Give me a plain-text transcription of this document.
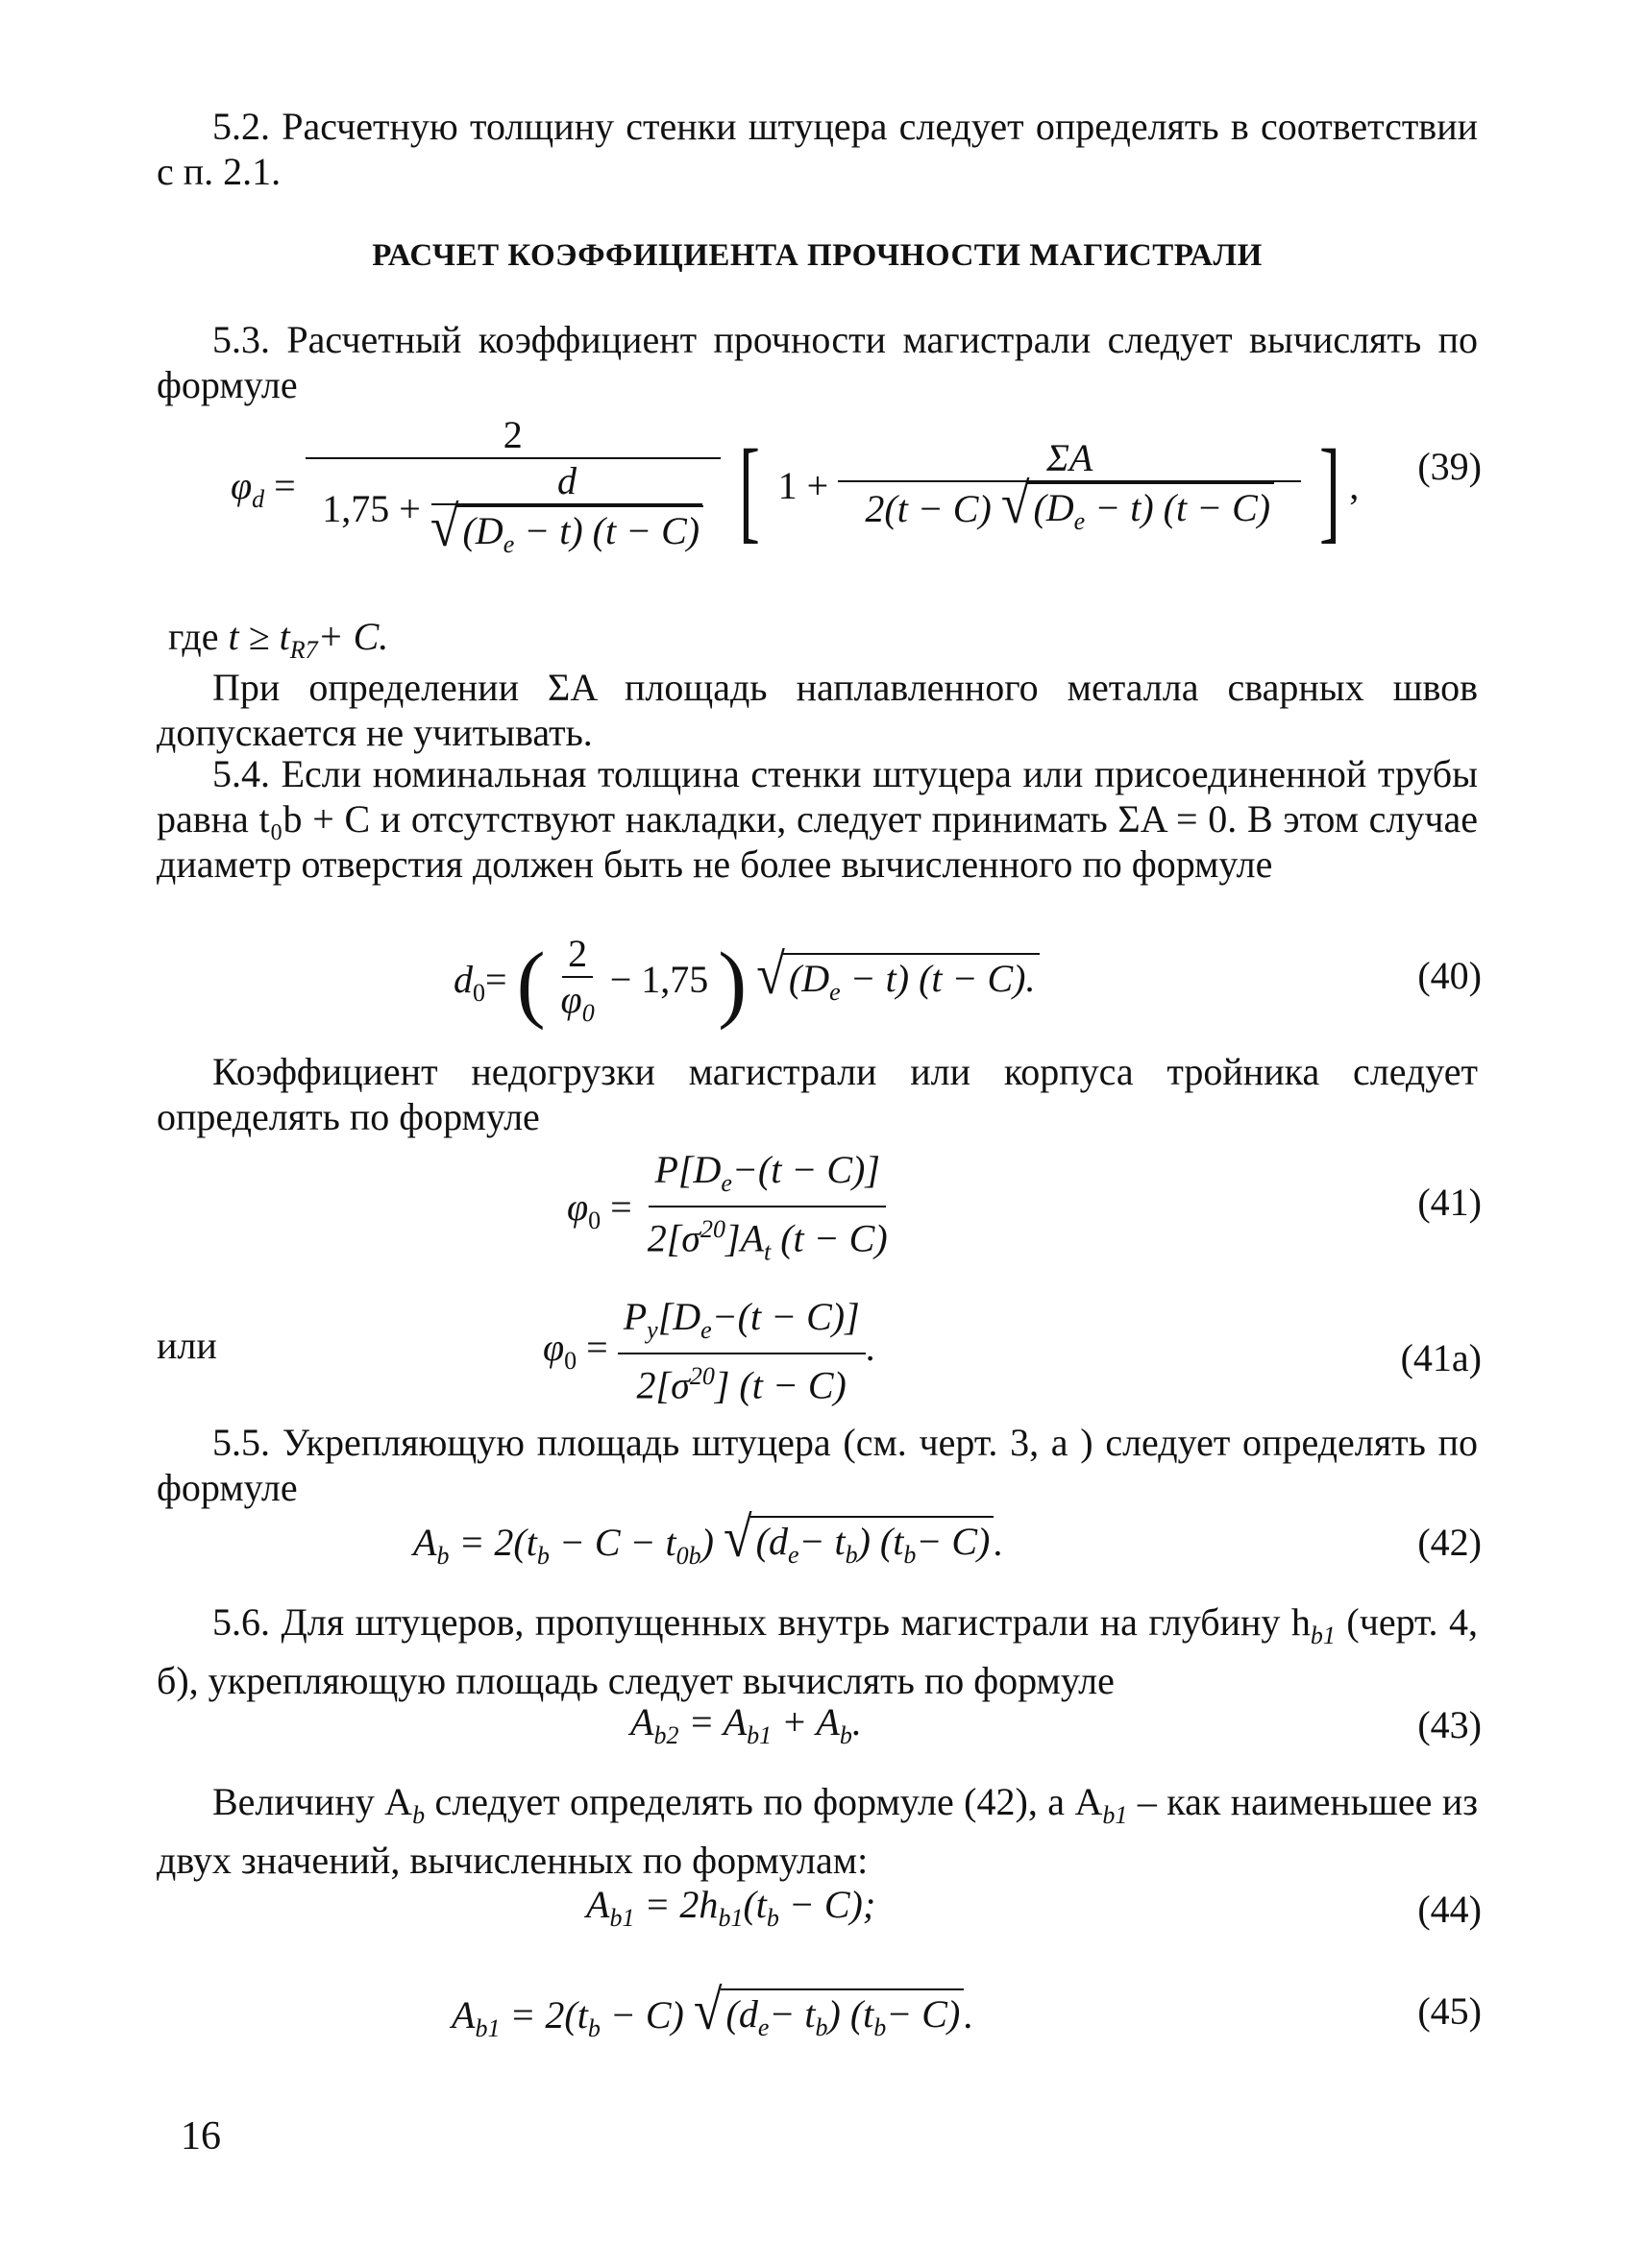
5.2. Расчетную толщину стенки штуцера следует определять в соответствии с п. 2.1.
РАСЧЕТ КОЭФФИЦИЕНТА ПРОЧНОСТИ МАГИСТРАЛИ
5.3. Расчетный коэффициент прочности магистрали следует вычислять по формуле
$\varphi_d$ =
2
$1,75 + \frac{d}{√ (D_e - t) (t - C)}$ [ $1 + \frac{\Sigma A}{2(t - C) √ (D_e - t) (t - C)}$ ] , (39)
где $t \ge t_{R7}+ C$.
При определении ΣA площадь наплавленного металла сварных швов допускается не учитывать.
5.4. Если номинальная толщина стенки штуцера или присоединенной трубы равна t₀b + C и отсутствуют накладки, следует принимать ΣA = 0. В этом случае диаметр отверстия должен быть не более вычисленного по формуле
$d_0=$ ( $\frac{2}{\varphi_0} - 1,75$ ) √ $(D_e - t) (t - C)$.	(40)
Коэффициент недогрузки магистрали или корпуса тройника следует определять по формуле
$\varphi_0 = \frac{P[D_e-(t - C)]}{2[\sigma^{20}]A_t (t - C)}$	(41)
или	$\varphi_0 = \frac{P_y[D_e-(t - C)]}{2[\sigma^{20}] (t - C)}$ .	(41а)
5.5. Укрепляющую площадь штуцера (см. черт. 3, а ) следует определять по формуле
$A_b = 2(t_b - C - t_{0b})$ √ $(d_e- t_b)$ $(t_b- C)$ .	(42)
5.6. Для штуцеров, пропущенных внутрь магистрали на глубину $h_{b1}$ (черт. 4, б), укрепляющую площадь следует вычислять по формуле
$A_{b2} = A_{b1} + A_b$.	(43)
Величину $A_b$ следует определять по формуле (42), а $A_{b1}$ – как наименьшее из двух значений, вычисленных по формулам:
$A_{b1} = 2h_{b1}(t_b - C)$;	(44)
$A_{b1} = 2(t_b - C)$ √ $(d_e- t_b)$ $(t_b- C)$ .	(45)
16
